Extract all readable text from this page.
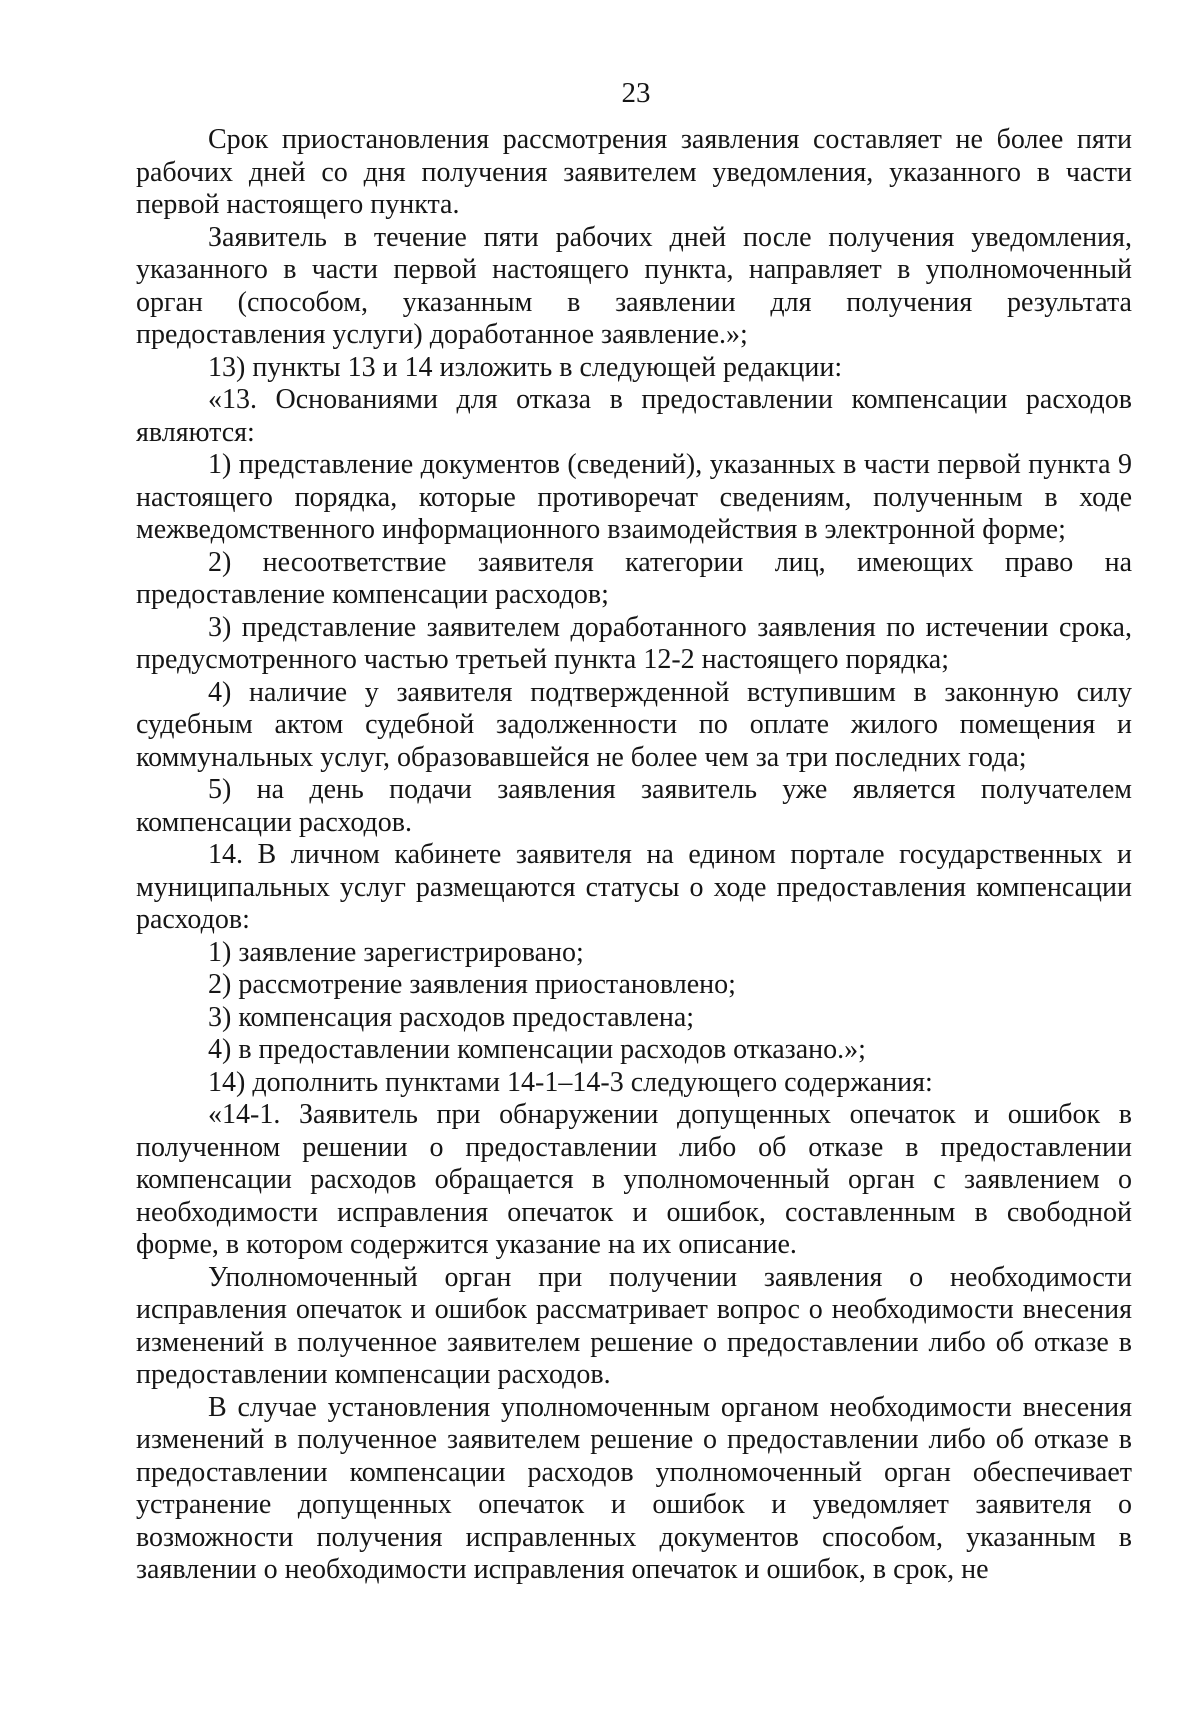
23

Срок приостановления рассмотрения заявления составляет не более пяти рабочих дней со дня получения заявителем уведомления, указанного в части первой настоящего пункта.

Заявитель в течение пяти рабочих дней после получения уведомления, указанного в части первой настоящего пункта, направляет в уполномоченный орган (способом, указанным в заявлении для получения результата предоставления услуги) доработанное заявление.»;

13) пункты 13 и 14 изложить в следующей редакции:

«13. Основаниями для отказа в предоставлении компенсации расходов являются:

1) представление документов (сведений), указанных в части первой пункта 9 настоящего порядка, которые противоречат сведениям, полученным в ходе межведомственного информационного взаимодействия в электронной форме;

2) несоответствие заявителя категории лиц, имеющих право на предоставление компенсации расходов;

3) представление заявителем доработанного заявления по истечении срока, предусмотренного частью третьей пункта 12-2 настоящего порядка;

4) наличие у заявителя подтвержденной вступившим в законную силу судебным актом судебной задолженности по оплате жилого помещения и коммунальных услуг, образовавшейся не более чем за три последних года;

5) на день подачи заявления заявитель уже является получателем компенсации расходов.

14. В личном кабинете заявителя на едином портале государственных и муниципальных услуг размещаются статусы о ходе предоставления компенсации расходов:

1) заявление зарегистрировано;

2) рассмотрение заявления приостановлено;

3) компенсация расходов предоставлена;

4) в предоставлении компенсации расходов отказано.»;

14) дополнить пунктами 14-1–14-3 следующего содержания:

«14-1. Заявитель при обнаружении допущенных опечаток и ошибок в полученном решении о предоставлении либо об отказе в предоставлении компенсации расходов обращается в уполномоченный орган с заявлением о необходимости исправления опечаток и ошибок, составленным в свободной форме, в котором содержится указание на их описание.

Уполномоченный орган при получении заявления о необходимости исправления опечаток и ошибок рассматривает вопрос о необходимости внесения изменений в полученное заявителем решение о предоставлении либо об отказе в предоставлении компенсации расходов.

В случае установления уполномоченным органом необходимости внесения изменений в полученное заявителем решение о предоставлении либо об отказе в предоставлении компенсации расходов уполномоченный орган обеспечивает устранение допущенных опечаток и ошибок и уведомляет заявителя о возможности получения исправленных документов способом, указанным в заявлении о необходимости исправления опечаток и ошибок, в срок, не
